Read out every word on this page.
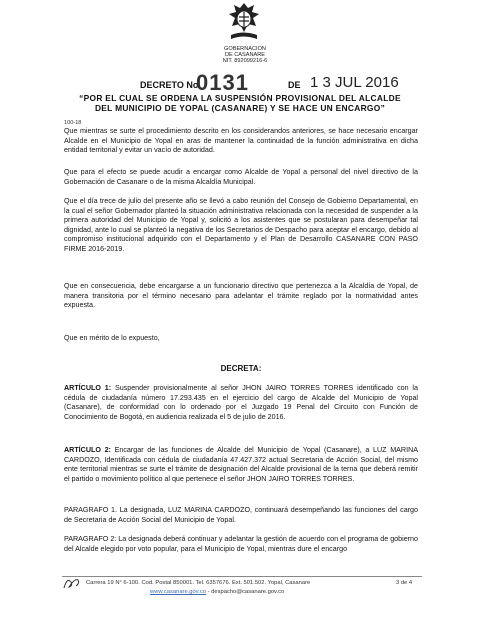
GOBERNACION
DE CASANARE
NIT. 892099216-6
DECRETO No.
0131	DE 1 3 JUL 2016
“POR EL CUAL SE ORDENA LA SUSPENSIÓN PROVISIONAL DEL ALCALDE
DEL MUNICIPIO DE YOPAL (CASANARE) Y SE HACE UN ENCARGO”
100-18
Que mientras se surte el procedimiento descrito en los considerandos anteriores, se hace necesario encargar Alcalde en el Municipio de Yopal en aras de mantener la continuidad de la función administrativa en dicha entidad territorial y evitar un vacío de autoridad.
Que para el efecto se puede acudir a encargar como Alcalde de Yopal a personal del nivel directivo de la Gobernación de Casanare o de la misma Alcaldía Municipal.
Que el día trece de julio del presente año se llevó a cabo reunión del Consejo de Gobierno Departamental, en la cual el señor Gobernador planteó la situación administrativa relacionada con la necesidad de suspender a la primera autoridad del Municipio de Yopal y, solicitó a los asistentes que se postularan para desempeñar tal dignidad, ante lo cual se planteó la negativa de los Secretarios de Despacho para aceptar el encargo, debido al compromiso institucional adquirido con el Departamento y el Plan de Desarrollo CASANARE CON PASO FIRME 2016-2019.
Que en consecuencia, debe encargarse a un funcionario directivo que pertenezca a la Alcaldía de Yopal, de manera transitoria por el término necesario para adelantar el trámite reglado por la normatividad antes expuesta.
Que en mérito de lo expuesto,
DECRETA:
ARTÍCULO 1: Suspender provisionalmente al señor JHON JAIRO TORRES TORRES identificado con la cédula de ciudadanía número 17.293.435 en el ejercicio del cargo de Alcalde del Municipio de Yopal (Casanare), de conformidad con lo ordenado por el Juzgado 19 Penal del Circuito con Función de Conocimiento de Bogotá, en audiencia realizada el 5 de julio de 2016.
ARTÍCULO 2: Encargar de las funciones de Alcalde del Municipio de Yopal (Casanare), a LUZ MARINA CARDOZO, Identificada con cédula de ciudadanía 47.427.372 actual Secretaria de Acción Social, del mismo ente territorial mientras se surte el trámite de designación del Alcalde provisional de la terna que deberá remitir el partido o movimiento político al que pertenece el señor JHON JAIRO TORRES TORRES.
PARAGRAFO 1. La designada, LUZ MARINA CARDOZO, continuará desempeñando las funciones del cargo de Secretaria de Acción Social del Municipio de Yopal.
PARAGRAFO 2: La designada deberá continuar y adelantar la gestión de acuerdo con el programa de gobierno del Alcalde elegido por voto popular, para el Municipio de Yopal, mientras dure el encargo
Carrera 19 N° 6-100. Cod. Postal 850001. Tel. 6357676. Ext. 501.502. Yopal, Casanare
www.casanare.gov.co - despacho@casanare.gov.co
3 de 4
